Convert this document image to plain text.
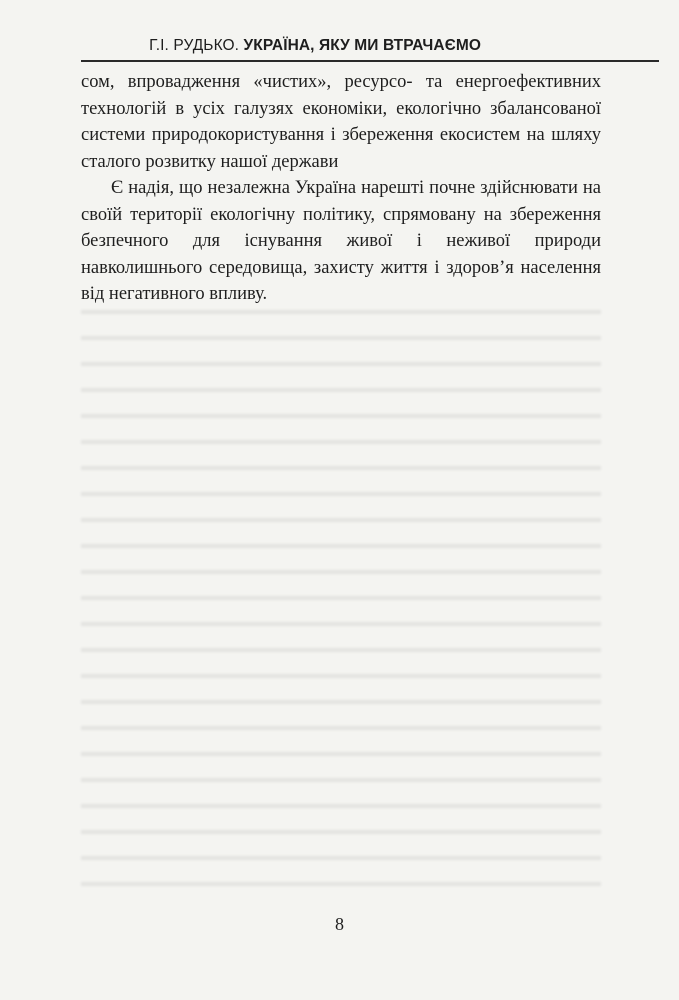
Г.І. РУДЬКО. УКРАЇНА, ЯКУ МИ ВТРАЧАЄМО

сом, впровадження «чистих», ресурсо- та енергоефективних технологій в усіх галузях економіки, екологічно збалансованої системи природокористування і збереження екосистем на шляху сталого розвитку нашої держави

Є надія, що незалежна Україна нарешті почне здійснювати на своїй території екологічну політику, спрямовану на збереження безпечного для існування живої і неживої природи навколишнього середовища, захисту життя і здоров’я населення від негативного впливу.

8
